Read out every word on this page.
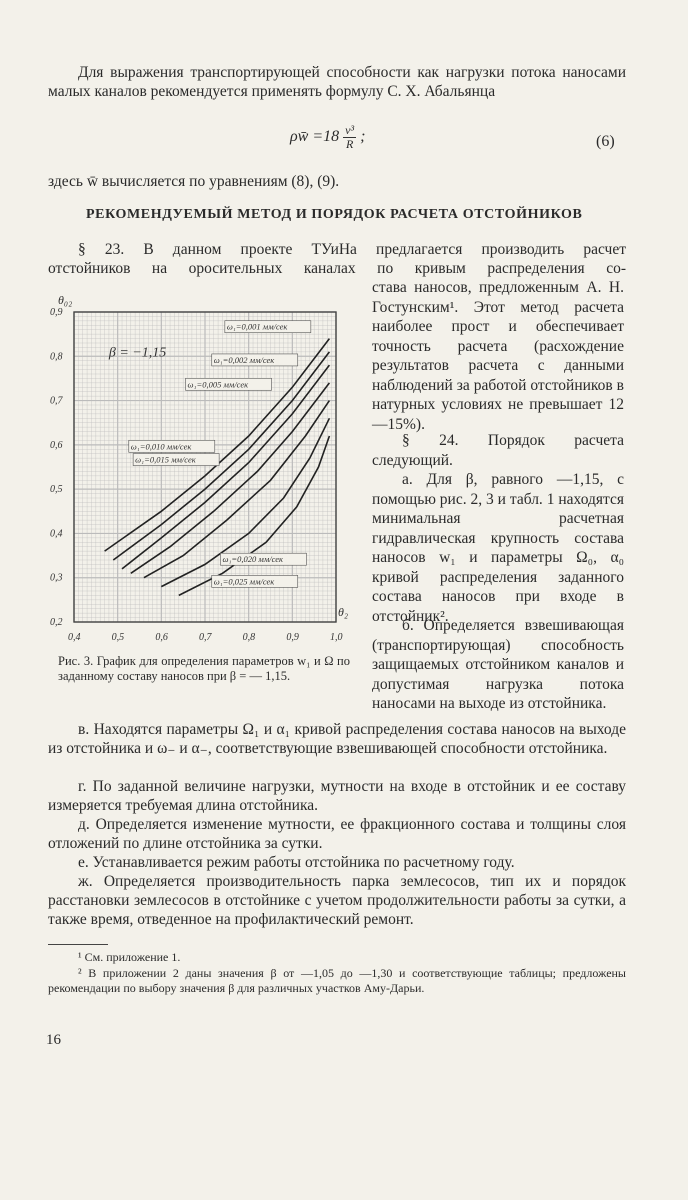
Для выражения транспортирующей способности как нагрузки потока наносами малых каналов рекомендуется применять формулу С. Х. Абальянца

ρw̄ $=18 \frac{\text{v³}}{R}$ ;	(6)

здесь w̄ вычисляется по уравнениям (8), (9).

РЕКОМЕНДУЕМЫЙ МЕТОД И ПОРЯДОК РАСЧЕТА ОТСТОЙНИКОВ

§ 23. В данном проекте ТУиНа предлагается производить расчет

отстойников на оросительных каналах по кривым распределения со-

става наносов, предложенным А. Н. Гостунским¹. Этот метод расчета наиболее прост и обеспечивает точность расчета (расхождение результатов расчета с данными наблюдений за работой отстойников в натурных условиях не превышает 12—15%).

§ 24. Порядок расчета следующий.

а. Для β, равного —1,15, с помощью рис. 2, 3 и табл. 1 находятся минимальная расчетная гидравлическая крупность состава наносов w₁ и параметры Ω₀, α₀ кривой распределения заданного состава наносов при входе в отстойник².

б. Определяется взвешивающая (транспортирующая) способность защищаемых отстойником каналов и допустимая нагрузка потока наносами на выходе из отстойника.

0,4	0,5	0,6	0,7	0,8	0,9	1,0
0,2
0,3
0,4
0,5
0,6
0,7
0,8
0,9
θ₂
θ₀₂
β = −1,15
ω₁=0,001 мм/сек
ω₁=0,002 мм/сек
ω₁=0,005 мм/сек
ω₁=0,010 мм/сек
ω₁=0,015 мм/сек
ω₁=0,020 мм/сек
ω₁=0,025 мм/сек

Рис. 3. График для определения параметров w₁ и Ω по заданному составу наносов при β = — 1,15.

в. Находятся параметры Ω₁ и α₁ кривой распределения состава наносов на выходе из отстойника и ω₋ и α₋, соответствующие взвешивающей способности отстойника.

г. По заданной величине нагрузки, мутности на входе в отстойник и ее составу измеряется требуемая длина отстойника.

д. Определяется изменение мутности, ее фракционного состава и толщины слоя отложений по длине отстойника за сутки.

е. Устанавливается режим работы отстойника по расчетному году.

ж. Определяется производительность парка землесосов, тип их и порядок расстановки землесосов в отстойнике с учетом продолжительности работы за сутки, а также время, отведенное на профилактический ремонт.

¹ См. приложение 1.

² В приложении 2 даны значения β от —1,05 до —1,30 и соответствующие таблицы; предложены рекомендации по выбору значения β для различных участков Аму-Дарьи.

16
